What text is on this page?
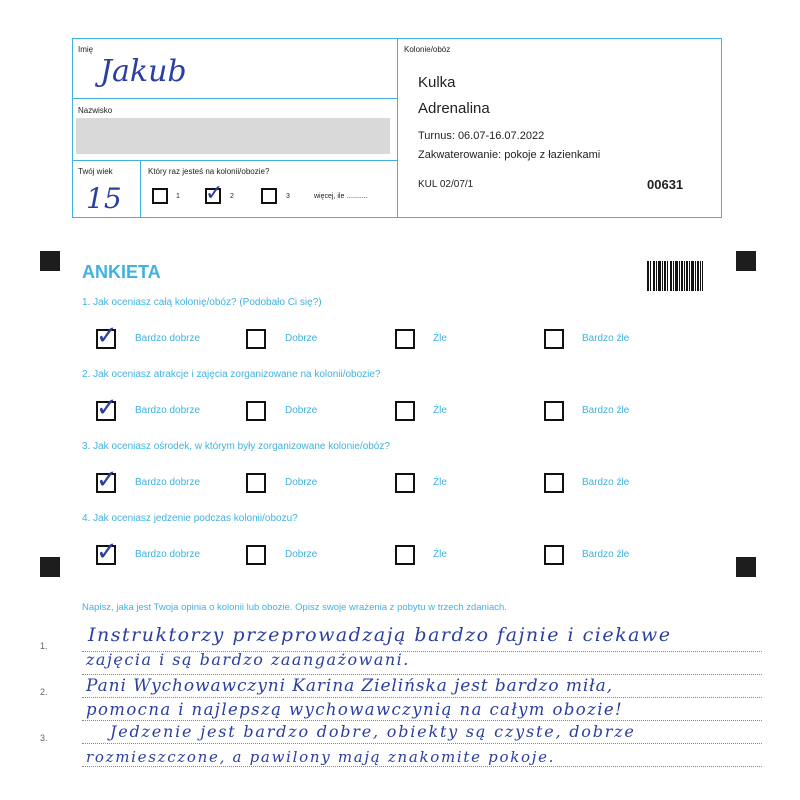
Imię
Jakub
Nazwisko
Twój wiek
15
Który raz jesteś na kolonii/obozie?
1 ✓ 2	3	więcej, ile ...........
Kolonie/obóz
Kulka
Adrenalina
Turnus: 06.07-16.07.2022
Zakwaterowanie: pokoje z łazienkami
KUL 02/07/1	00631
ANKIETA
1. Jak oceniasz całą kolonię/obóz? (Podobało Ci się?)
✓ Bardzo dobrze	Dobrze	Źle	Bardzo źle
2. Jak oceniasz atrakcje i zajęcia zorganizowane na kolonii/obozie?
✓ Bardzo dobrze	Dobrze	Źle	Bardzo źle
3. Jak oceniasz ośrodek, w którym były zorganizowane kolonie/obóz?
✓ Bardzo dobrze	Dobrze	Źle	Bardzo źle
4. Jak oceniasz jedzenie podczas kolonii/obozu?
✓ Bardzo dobrze	Dobrze	Źle	Bardzo źle
Napisz, jaka jest Twoja opinia o kolonii lub obozie. Opisz swoje wrażenia z pobytu w trzech zdaniach.
1.
2.
3.
Instruktorzy przeprowadzają bardzo fajnie i ciekawe
zajęcia i są bardzo zaangażowani.
Pani Wychowawczyni Karina Zielińska jest bardzo miła,
pomocna i najlepszą wychowawczynią na całym obozie!
Jedzenie jest bardzo dobre, obiekty są czyste, dobrze
rozmieszczone, a pawilony mają znakomite pokoje.
